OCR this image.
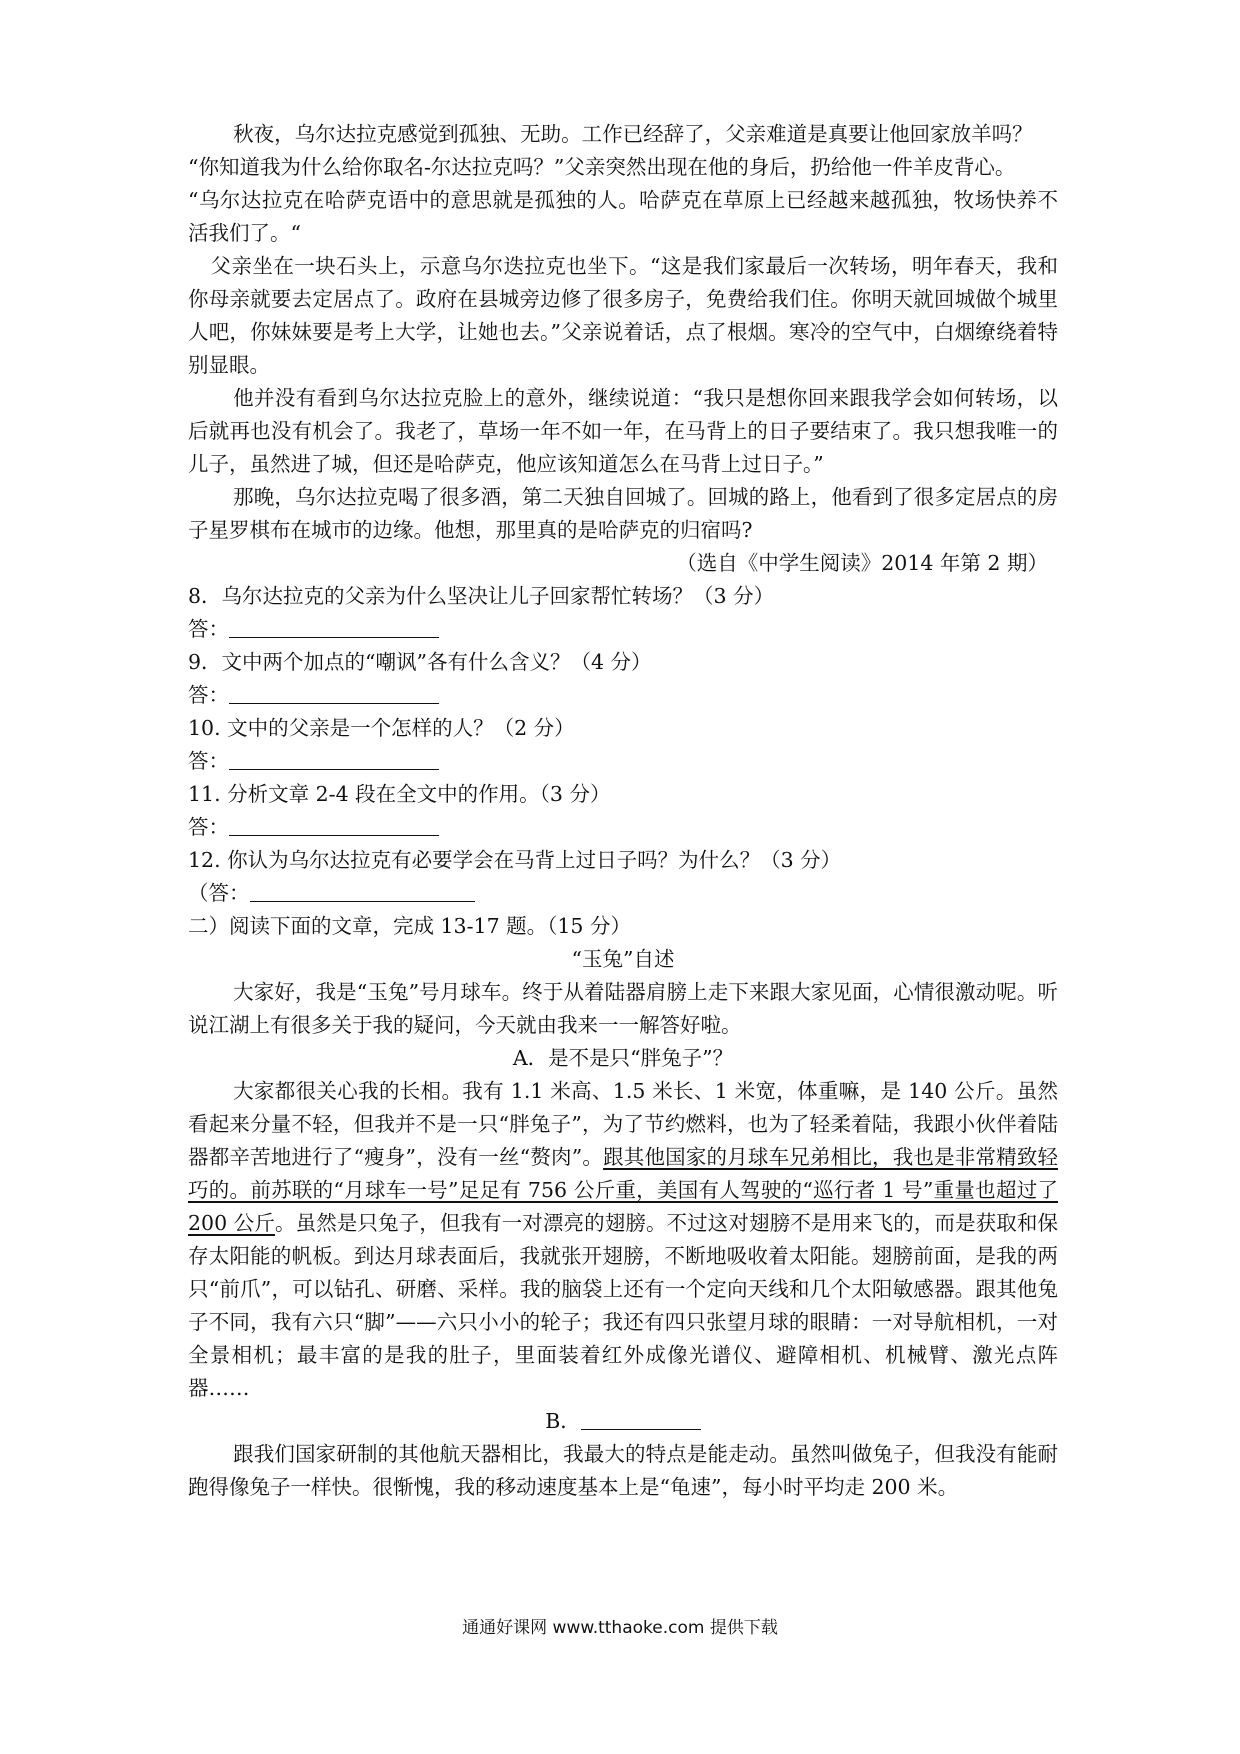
秋夜，乌尔达拉克感觉到孤独、无助。工作已经辞了，父亲难道是真要让他回家放羊吗？

“你知道我为什么给你取名-尔达拉克吗？”父亲突然出现在他的身后，扔给他一件羊皮背心。

“乌尔达拉克在哈萨克语中的意思就是孤独的人。哈萨克在草原上已经越来越孤独，牧场快养不活我们了。“

父亲坐在一块石头上，示意乌尔迭拉克也坐下。“这是我们家最后一次转场，明年春天，我和你母亲就要去定居点了。政府在县城旁边修了很多房子，免费给我们住。你明天就回城做个城里人吧，你妹妹要是考上大学，让她也去。”父亲说着话，点了根烟。寒冷的空气中，白烟缭绕着特别显眼。

他并没有看到乌尔达拉克脸上的意外，继续说道：“我只是想你回来跟我学会如何转场，以后就再也没有机会了。我老了，草场一年不如一年，在马背上的日子要结束了。我只想我唯一的儿子，虽然进了城，但还是哈萨克，他应该知道怎么在马背上过日子。”

那晚，乌尔达拉克喝了很多酒，第二天独自回城了。回城的路上，他看到了很多定居点的房子星罗棋布在城市的边缘。他想，那里真的是哈萨克的归宿吗?

（选自《中学生阅读》2014 年第 2 期）

8．乌尔达拉克的父亲为什么坚决让儿子回家帮忙转场？（3 分）

答：

9．文中两个加点的“嘲讽”各有什么含义？（4 分）

答：

10. 文中的父亲是一个怎样的人？（2 分）

答：

11. 分析文章 2-4 段在全文中的作用。（3 分）

答：

12. 你认为乌尔达拉克有必要学会在马背上过日子吗？为什么？（3 分）

（答：

二）阅读下面的文章，完成 13-17 题。（15 分）

“玉兔”自述

大家好，我是“玉兔”号月球车。终于从着陆器肩膀上走下来跟大家见面，心情很激动呢。听说江湖上有很多关于我的疑问，今天就由我来一一解答好啦。

A．是不是只“胖兔子”？

大家都很关心我的长相。我有 1.1 米高、1.5 米长、1 米宽，体重嘛，是 140 公斤。虽然看起来分量不轻，但我并不是一只“胖兔子”，为了节约燃料，也为了轻柔着陆，我跟小伙伴着陆器都辛苦地进行了“瘦身”，没有一丝“赘肉”。跟其他国家的月球车兄弟相比，我也是非常精致轻巧的。前苏联的“月球车一号”足足有 756 公斤重，美国有人驾驶的“巡行者 1 号”重量也超过了 200 公斤。虽然是只兔子，但我有一对漂亮的翅膀。不过这对翅膀不是用来飞的，而是获取和保存太阳能的帆板。到达月球表面后，我就张开翅膀，不断地吸收着太阳能。翅膀前面，是我的两只“前爪”，可以钻孔、研磨、采样。我的脑袋上还有一个定向天线和几个太阳敏感器。跟其他兔子不同，我有六只“脚”——六只小小的轮子；我还有四只张望月球的眼睛：一对导航相机，一对全景相机；最丰富的是我的肚子，里面装着红外成像光谱仪、避障相机、机械臂、激光点阵器……

B．

跟我们国家研制的其他航天器相比，我最大的特点是能走动。虽然叫做兔子，但我没有能耐跑得像兔子一样快。很惭愧，我的移动速度基本上是“龟速”，每小时平均走 200 米。

通通好课网 www.tthaoke.com 提供下载
